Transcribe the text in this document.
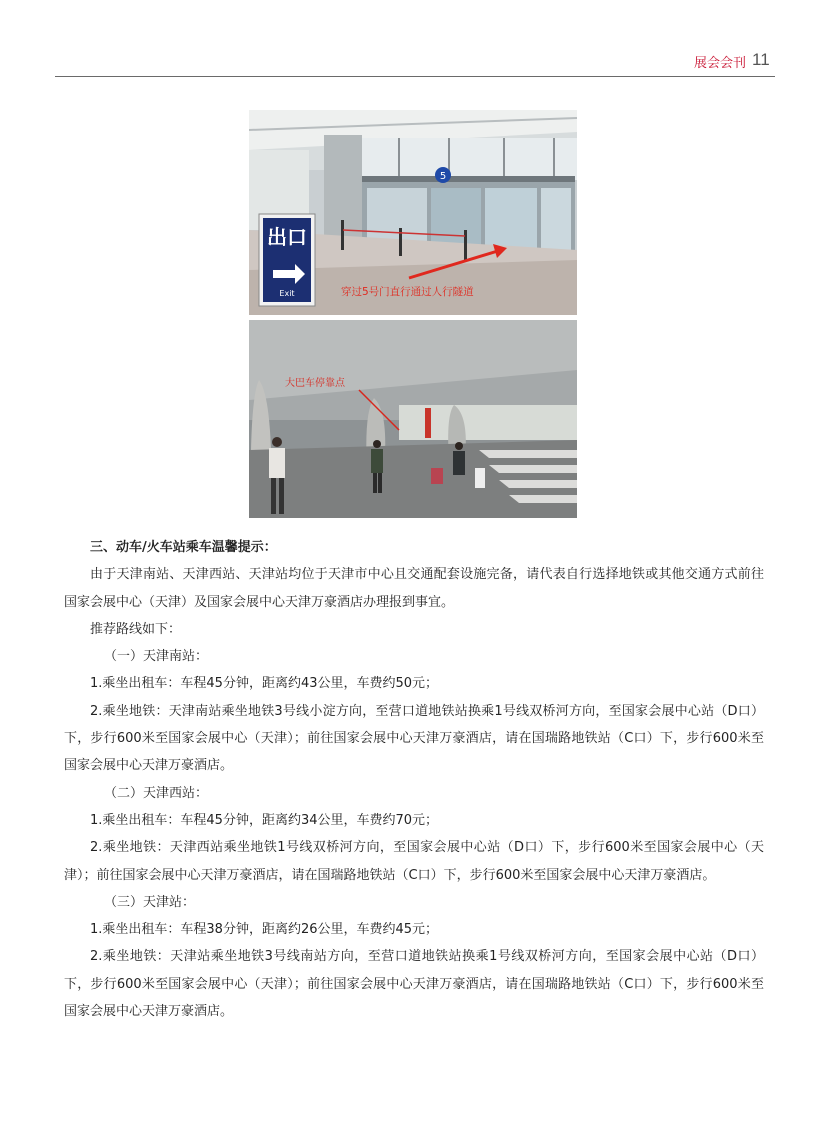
展会会刊 11
5
出口
Exit	穿过5号门直行通过人行隧道
大巴车停靠点

三、动车/火车站乘车温馨提示：

由于天津南站、天津西站、天津站均位于天津市中心且交通配套设施完备，请代表自行选择地铁或其他交通方式前往国家会展中心（天津）及国家会展中心天津万豪酒店办理报到事宜。

推荐路线如下：

（一）天津南站：

1.乘坐出租车：车程45分钟，距离约43公里，车费约50元；

2.乘坐地铁：天津南站乘坐地铁3号线小淀方向，至营口道地铁站换乘1号线双桥河方向，至国家会展中心站（D口）下，步行600米至国家会展中心（天津）；前往国家会展中心天津万豪酒店，请在国瑞路地铁站（C口）下，步行600米至国家会展中心天津万豪酒店。

（二）天津西站：

1.乘坐出租车：车程45分钟，距离约34公里，车费约70元；

2.乘坐地铁：天津西站乘坐地铁1号线双桥河方向，至国家会展中心站（D口）下，步行600米至国家会展中心（天津）；前往国家会展中心天津万豪酒店，请在国瑞路地铁站（C口）下，步行600米至国家会展中心天津万豪酒店。

（三）天津站：

1.乘坐出租车：车程38分钟，距离约26公里，车费约45元；

2.乘坐地铁：天津站乘坐地铁3号线南站方向，至营口道地铁站换乘1号线双桥河方向，至国家会展中心站（D口）下，步行600米至国家会展中心（天津）；前往国家会展中心天津万豪酒店，请在国瑞路地铁站（C口）下，步行600米至国家会展中心天津万豪酒店。
